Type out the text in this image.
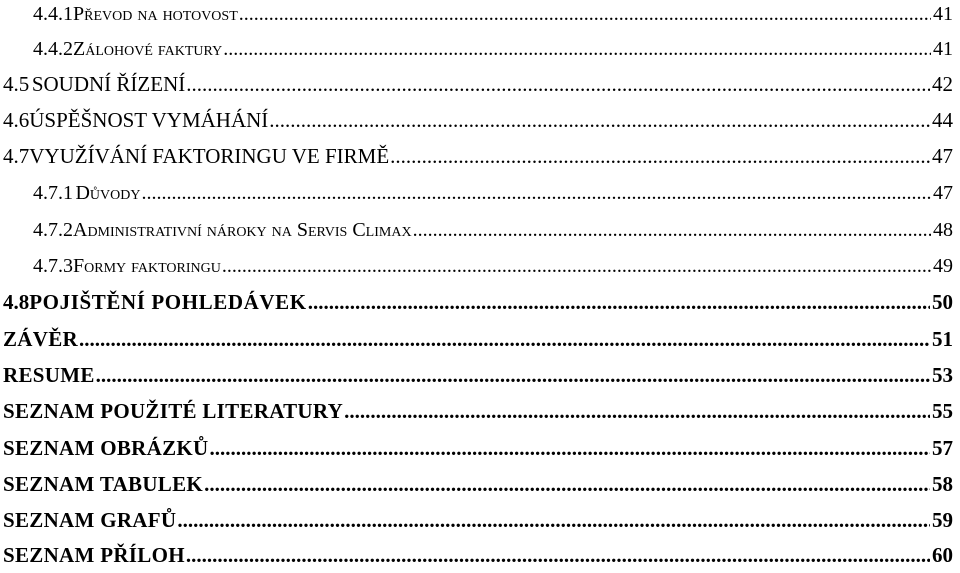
4.4.1 Převod na hotovost .....	41
4.4.2 Zálohové faktury .....	41
4.5 SOUDNÍ ŘÍZENÍ .....	42
4.6 ÚSPĚŠNOST VYMÁHÁNÍ .....	44
4.7 VYUŽÍVÁNÍ FAKTORINGU VE FIRMĚ .....	47
4.7.1 Důvody .....	47
4.7.2 Administrativní nároky na Servis Climax .....	48
4.7.3 Formy faktoringu .....	49
4.8 POJIŠTĚNÍ POHLEDÁVEK .....	50
ZÁVĚR .....	51
RESUME .....	53
SEZNAM POUŽITÉ LITERATURY .....	55
SEZNAM OBRÁZKŮ .....	57
SEZNAM TABULEK .....	58
SEZNAM GRAFŮ .....	59
SEZNAM PŘÍLOH .....	60
